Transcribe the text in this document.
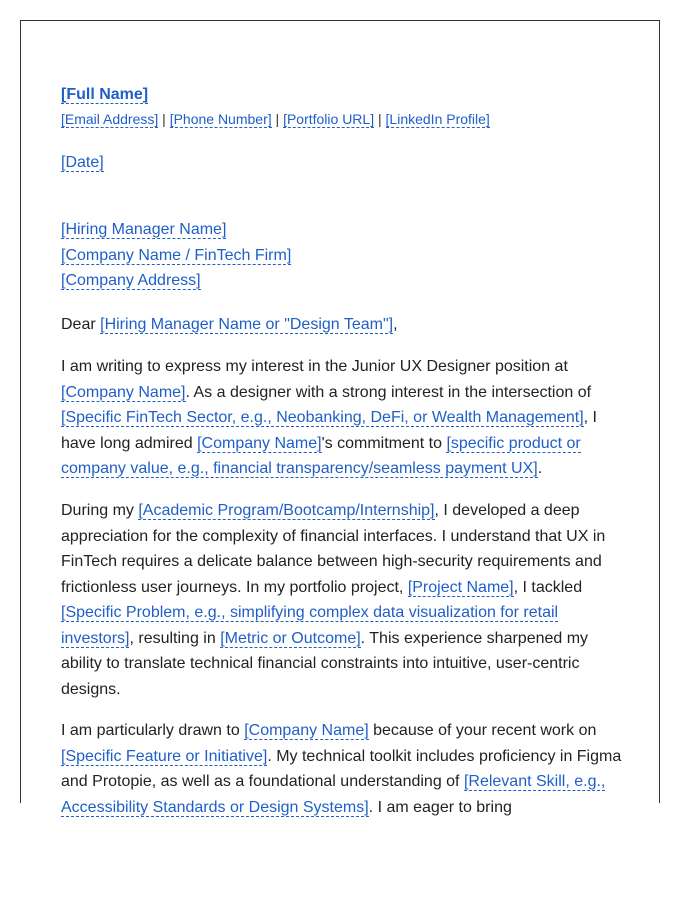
[Full Name]
[Email Address] | [Phone Number] | [Portfolio URL] | [LinkedIn Profile]
[Date]
[Hiring Manager Name]
[Company Name / FinTech Firm]
[Company Address]
Dear [Hiring Manager Name or "Design Team"],
I am writing to express my interest in the Junior UX Designer position at [Company Name]. As a designer with a strong interest in the intersection of [Specific FinTech Sector, e.g., Neobanking, DeFi, or Wealth Management], I have long admired [Company Name]'s commitment to [specific product or company value, e.g., financial transparency/seamless payment UX].
During my [Academic Program/Bootcamp/Internship], I developed a deep appreciation for the complexity of financial interfaces. I understand that UX in FinTech requires a delicate balance between high-security requirements and frictionless user journeys. In my portfolio project, [Project Name], I tackled [Specific Problem, e.g., simplifying complex data visualization for retail investors], resulting in [Metric or Outcome]. This experience sharpened my ability to translate technical financial constraints into intuitive, user-centric designs.
I am particularly drawn to [Company Name] because of your recent work on [Specific Feature or Initiative]. My technical toolkit includes proficiency in Figma and Protopie, as well as a foundational understanding of [Relevant Skill, e.g., Accessibility Standards or Design Systems]. I am eager to bring
